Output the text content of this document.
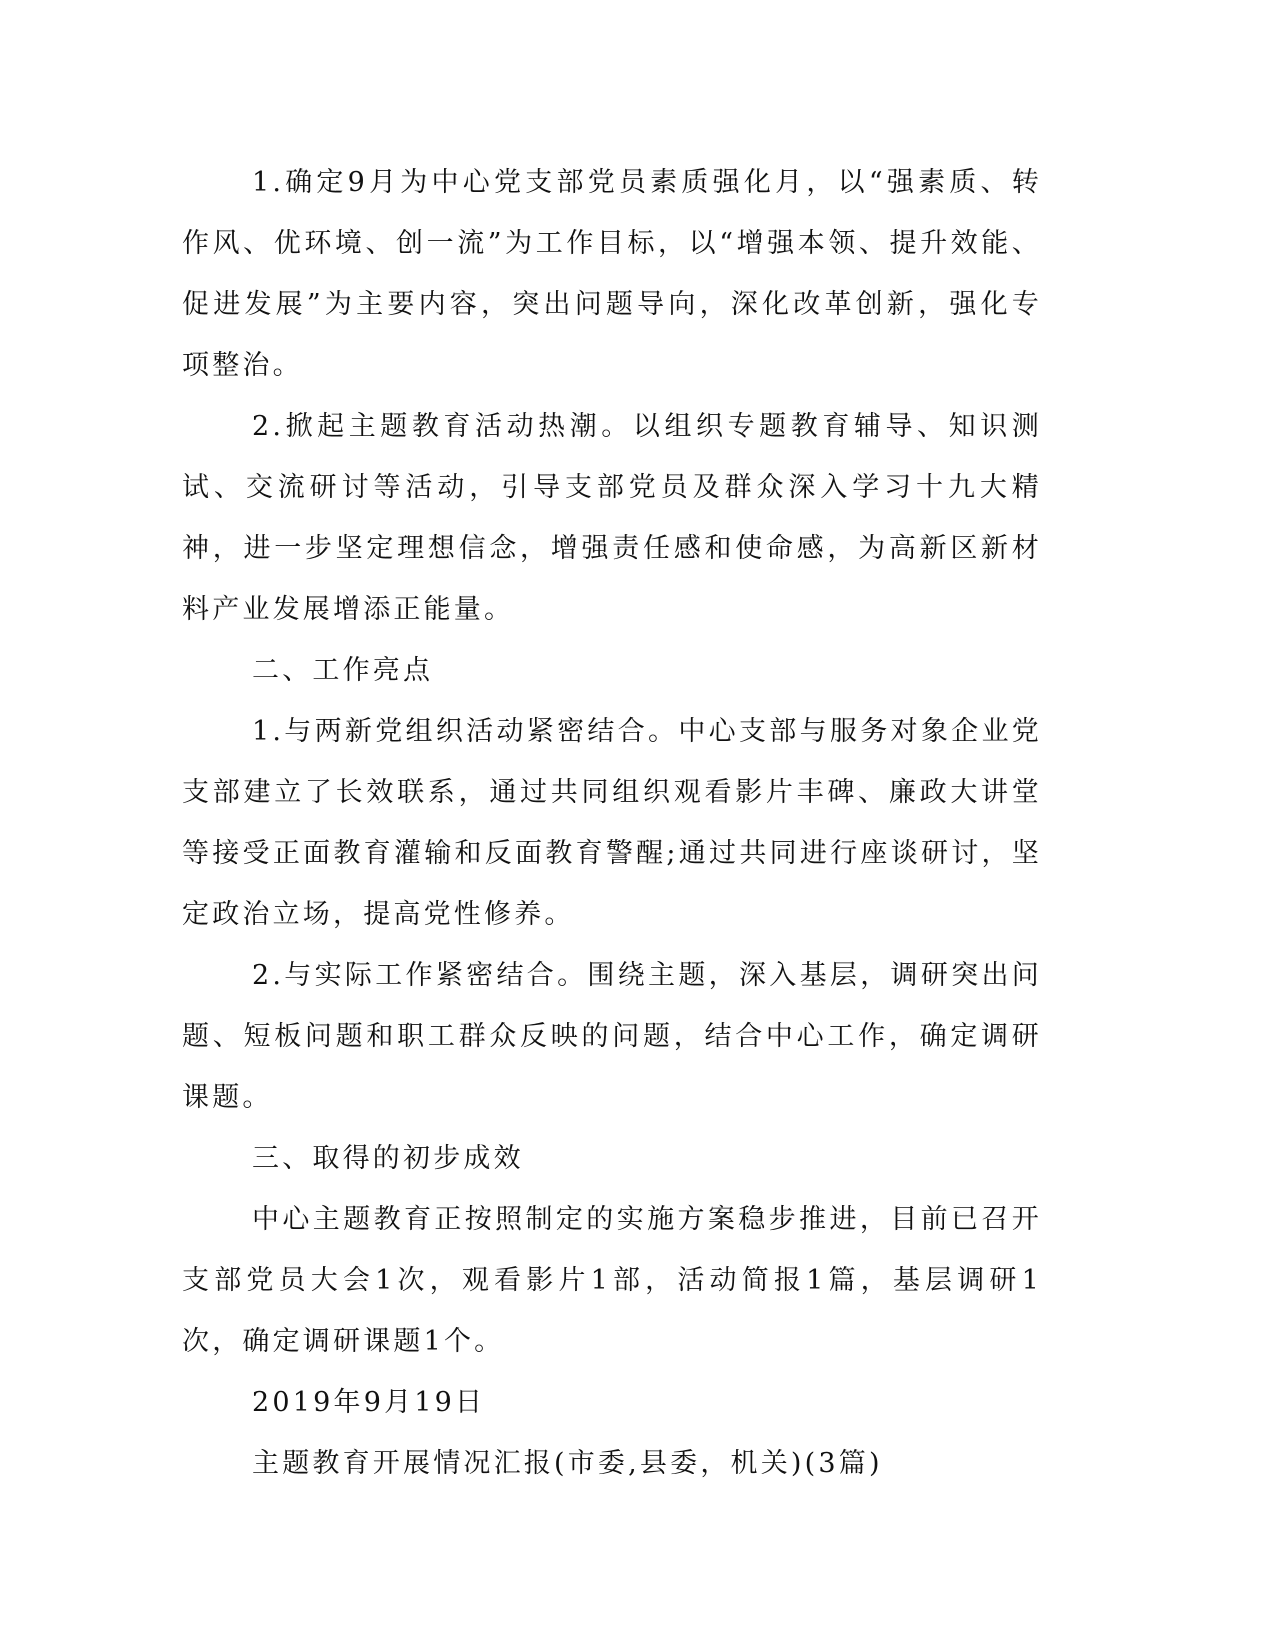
1.确定9月为中心党支部党员素质强化月，以“强素质、转作风、优环境、创一流”为工作目标，以“增强本领、提升效能、促进发展”为主要内容，突出问题导向，深化改革创新，强化专项整治。

2.掀起主题教育活动热潮。以组织专题教育辅导、知识测试、交流研讨等活动，引导支部党员及群众深入学习十九大精神，进一步坚定理想信念，增强责任感和使命感，为高新区新材料产业发展增添正能量。

二、工作亮点

1.与两新党组织活动紧密结合。中心支部与服务对象企业党支部建立了长效联系，通过共同组织观看影片丰碑、廉政大讲堂等接受正面教育灌输和反面教育警醒;通过共同进行座谈研讨，坚定政治立场，提高党性修养。

2.与实际工作紧密结合。围绕主题，深入基层，调研突出问题、短板问题和职工群众反映的问题，结合中心工作，确定调研课题。

三、取得的初步成效

中心主题教育正按照制定的实施方案稳步推进，目前已召开支部党员大会1次，观看影片1部，活动简报1篇，基层调研1次，确定调研课题1个。

2019年9月19日

主题教育开展情况汇报(市委,县委，机关)(3篇)
